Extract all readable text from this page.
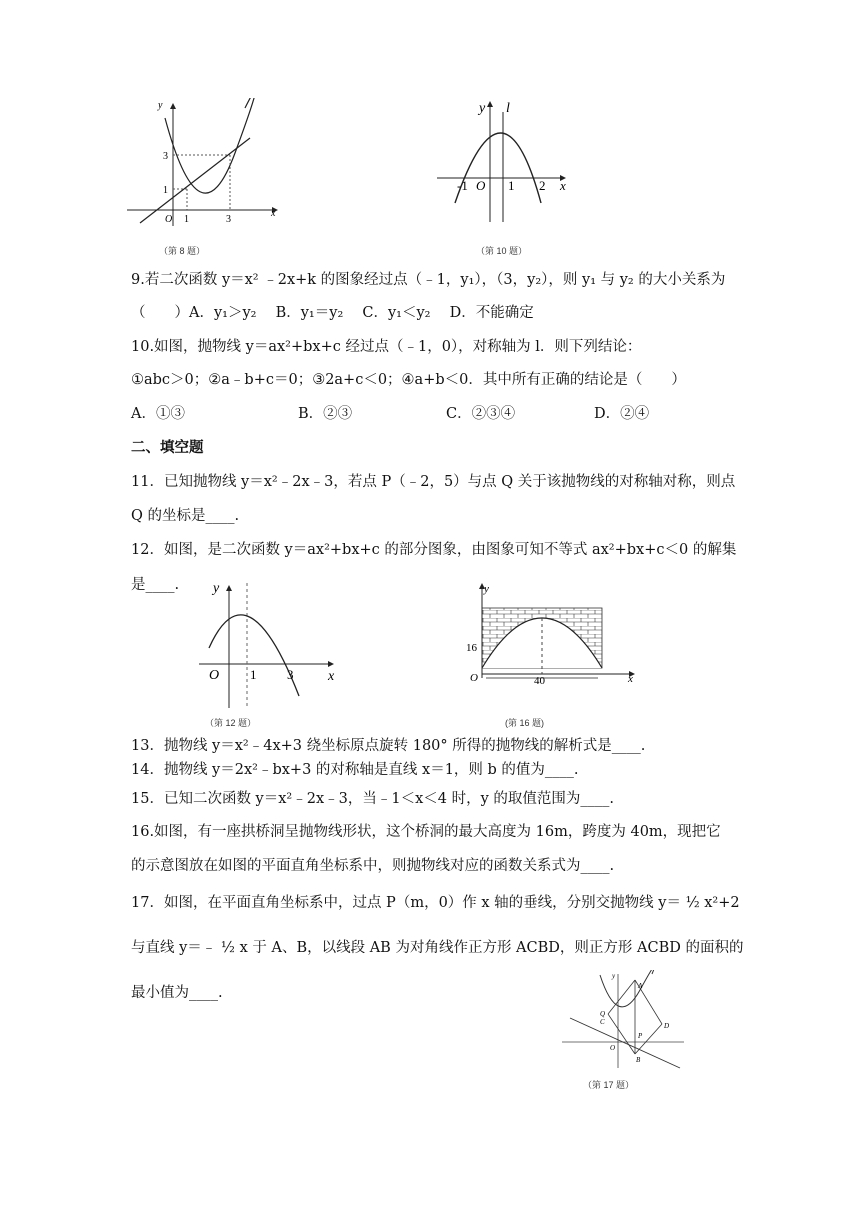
y
x
O
3
1
1	3
（第 8 题）
y l
x
O
-1	1 2
（第 10 题）
9.若二次函数 y＝x² ﹣2x+k 的图象经过点（﹣1，y₁），（3，y₂），则 y₁ 与 y₂ 的大小关系为
（　　）A．y₁＞y₂　 B．y₁＝y₂　 C．y₁＜y₂　 D．不能确定
10.如图，抛物线 y＝ax²+bx+c 经过点（﹣1，0），对称轴为 l．则下列结论：
①abc＞0；②a﹣b+c＝0；③2a+c＜0；④a+b＜0．其中所有正确的结论是（　　）
A．①③	B．②③	C．②③④	D．②④
二、填空题
11．已知抛物线 y＝x²﹣2x﹣3，若点 P（﹣2，5）与点 Q 关于该抛物线的对称轴对称，则点
Q 的坐标是____.
12．如图，是二次函数 y＝ax²+bx+c 的部分图象，由图象可知不等式 ax²+bx+c＜0 的解集
是____. y
x
O 1 3
（第 12 题）
y
x
O
16
40
(第 16 题)
13．抛物线 y＝x²﹣4x+3 绕坐标原点旋转 180° 所得的抛物线的解析式是____.
14．抛物线 y＝2x²﹣bx+3 的对称轴是直线 x＝1，则 b 的值为____.
15．已知二次函数 y＝x²﹣2x﹣3，当﹣1＜x＜4 时，y 的取值范围为____.
16.如图，有一座拱桥洞呈抛物线形状，这个桥洞的最大高度为 16m，跨度为 40m，现把它
的示意图放在如图的平面直角坐标系中，则抛物线对应的函数关系式为____.
17．如图，在平面直角坐标系中，过点 P（m，0）作 x 轴的垂线，分别交抛物线 y＝ ½ x²+2
与直线 y＝﹣ ½ x 于 A、B，以线段 AB 为对角线作正方形 ACBD，则正方形 ACBD 的面积的
最小值为____.
y
O
A
B
C	D
P
Q
（第 17 题）
